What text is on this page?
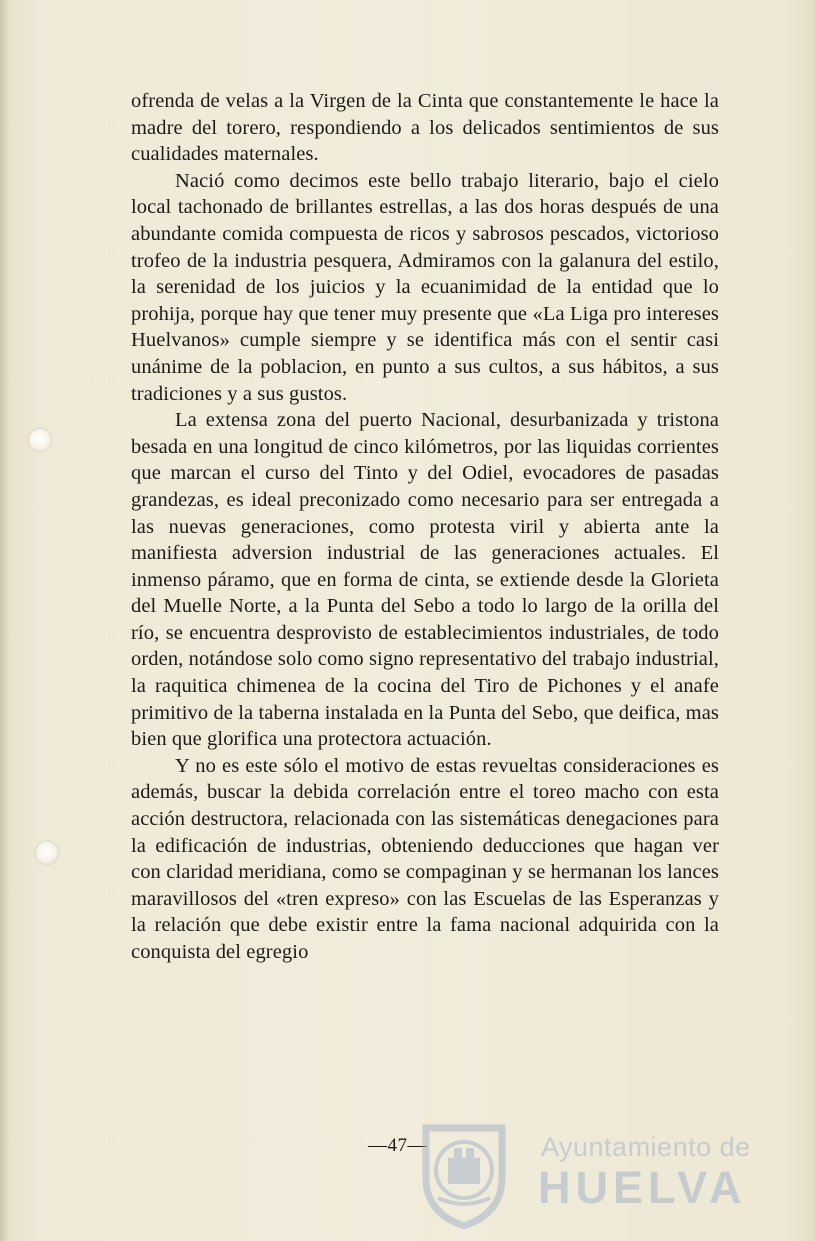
ofrenda de velas a la Virgen de la Cinta que constantemente le hace la madre del torero, respondiendo a los delicados sentimientos de sus cualidades maternales.

Nació como decimos este bello trabajo literario, bajo el cielo local tachonado de brillantes estrellas, a las dos horas después de una abundante comida compuesta de ricos y sabrosos pescados, victorioso trofeo de la industria pesquera, Admiramos con la galanura del estilo, la serenidad de los juicios y la ecuanimidad de la entidad que lo prohija, porque hay que tener muy presente que «La Liga pro intereses Huelvanos» cumple siempre y se identifica más con el sentir casi unánime de la poblacion, en punto a sus cultos, a sus hábitos, a sus tradiciones y a sus gustos.

La extensa zona del puerto Nacional, desurbanizada y tristona besada en una longitud de cinco kilómetros, por las liquidas corrientes que marcan el curso del Tinto y del Odiel, evocadores de pasadas grandezas, es ideal preconizado como necesario para ser entregada a las nuevas generaciones, como protesta viril y abierta ante la manifiesta adversion industrial de las generaciones actuales. El inmenso páramo, que en forma de cinta, se extiende desde la Glorieta del Muelle Norte, a la Punta del Sebo a todo lo largo de la orilla del río, se encuentra desprovisto de establecimientos industriales, de todo orden, notándose solo como signo representativo del trabajo industrial, la raquitica chimenea de la cocina del Tiro de Pichones y el anafe primitivo de la taberna instalada en la Punta del Sebo, que deifica, mas bien que glorifica una protectora actuación.

Y no es este sólo el motivo de estas revueltas consideraciones es además, buscar la debida correlación entre el toreo macho con esta acción destructora, relacionada con las sistemáticas denegaciones para la edificación de industrias, obteniendo deducciones que hagan ver con claridad meridiana, como se compaginan y se hermanan los lances maravillosos del «tren expreso» con las Escuelas de las Esperanzas y la relación que debe existir entre la fama nacional adquirida con la conquista del egregio

—47—	Ayuntamiento de
HUELVA
